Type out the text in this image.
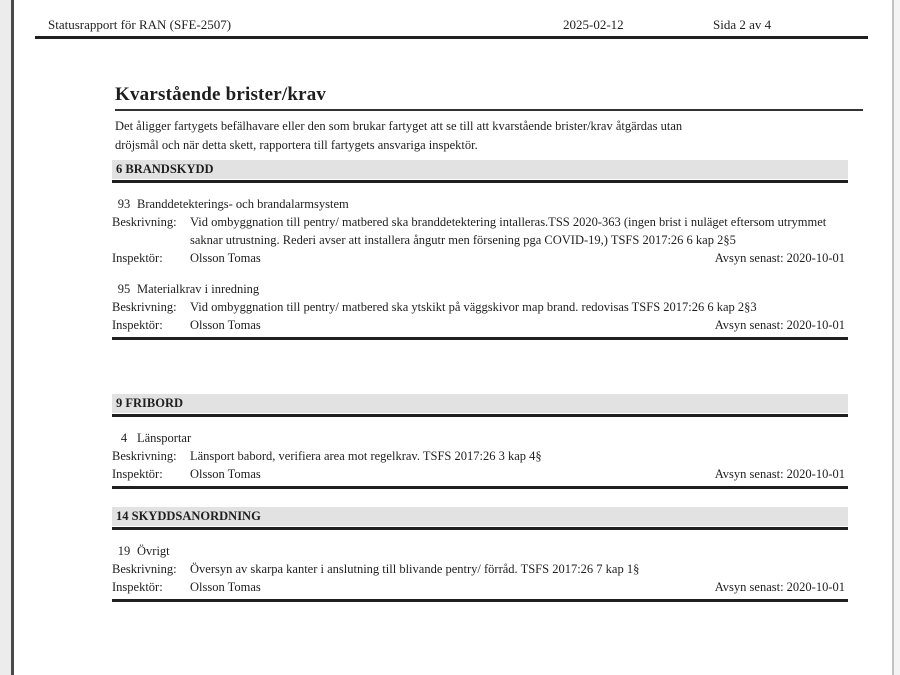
Statusrapport för RAN (SFE-2507)	2025-02-12	Sida 2 av 4
Kvarstående brister/krav
Det åligger fartygets befälhavare eller den som brukar fartyget att se till att kvarstående brister/krav åtgärdas utan dröjsmål och när detta skett, rapportera till fartygets ansvariga inspektör.
6 BRANDSKYDD
93 Branddetekterings- och brandalarmsystem
Beskrivning:	Vid ombyggnation till pentry/ matbered ska branddetektering intalleras.TSS 2020-363 (ingen brist i nuläget eftersom utrymmet saknar utrustning. Rederi avser att installera ångutr men försening pga COVID-19,) TSFS 2017:26 6 kap 2§5
Inspektör:	Olsson Tomas	Avsyn senast: 2020-10-01
95 Materialkrav i inredning
Beskrivning:	Vid ombyggnation till pentry/ matbered ska ytskikt på väggskivor map brand. redovisas TSFS 2017:26 6 kap 2§3
Inspektör:	Olsson Tomas	Avsyn senast: 2020-10-01
9 FRIBORD
4 Länsportar
Beskrivning:	Länsport babord, verifiera area mot regelkrav. TSFS 2017:26 3 kap 4§
Inspektör:	Olsson Tomas	Avsyn senast: 2020-10-01
14 SKYDDSANORDNING
19 Övrigt
Beskrivning:	Översyn av skarpa kanter i anslutning till blivande pentry/ förråd. TSFS 2017:26 7 kap 1§
Inspektör:	Olsson Tomas	Avsyn senast: 2020-10-01
